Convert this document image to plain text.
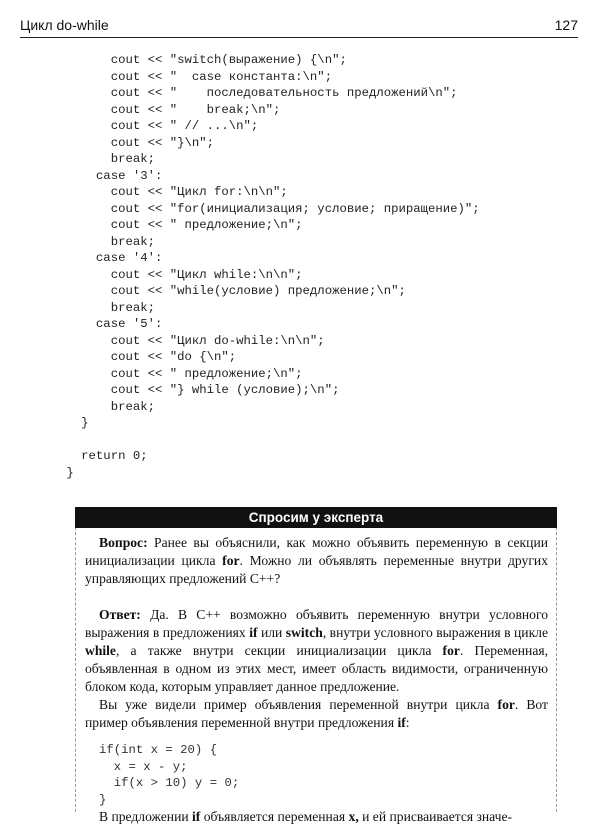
Цикл do-while	127
cout << "switch(выражение) {\n";
cout << "  case константа:\n";
cout << "    последовательность предложений\n";
cout << "    break;\n";
cout << " // ...\n";
cout << "}\n";
break;
case '3':
cout << "Цикл for:\n\n";
cout << "for(инициализация; условие; приращение)";
cout << " предложение;\n";
break;
case '4':
cout << "Цикл while:\n\n";
cout << "while(условие) предложение;\n";
break;
case '5':
cout << "Цикл do-while:\n\n";
cout << "do {\n";
cout << " предложение;\n";
cout << "} while (условие);\n";
break;
}
return 0;
}
Спросим у эксперта

Вопрос: Ранее вы объяснили, как можно объявить переменную в секции инициализации цикла for. Можно ли объявлять переменные внутри других управляющих предложений С++?

Ответ: Да. В С++ возможно объявить переменную внутри условного выражения в предложениях if или switch, внутри условного выражения в цикле while, а также внутри секции инициализации цикла for. Переменная, объявленная в одном из этих мест, имеет область видимости, ограниченную блоком кода, которым управляет данное предложение.

Вы уже видели пример объявления переменной внутри цикла for. Вот пример объявления переменной внутри предложения if:

if(int x = 20) {
x = x - y;
if(x > 10) y = 0;
}

В предложении if объявляется переменная x, и ей присваивается значе-
